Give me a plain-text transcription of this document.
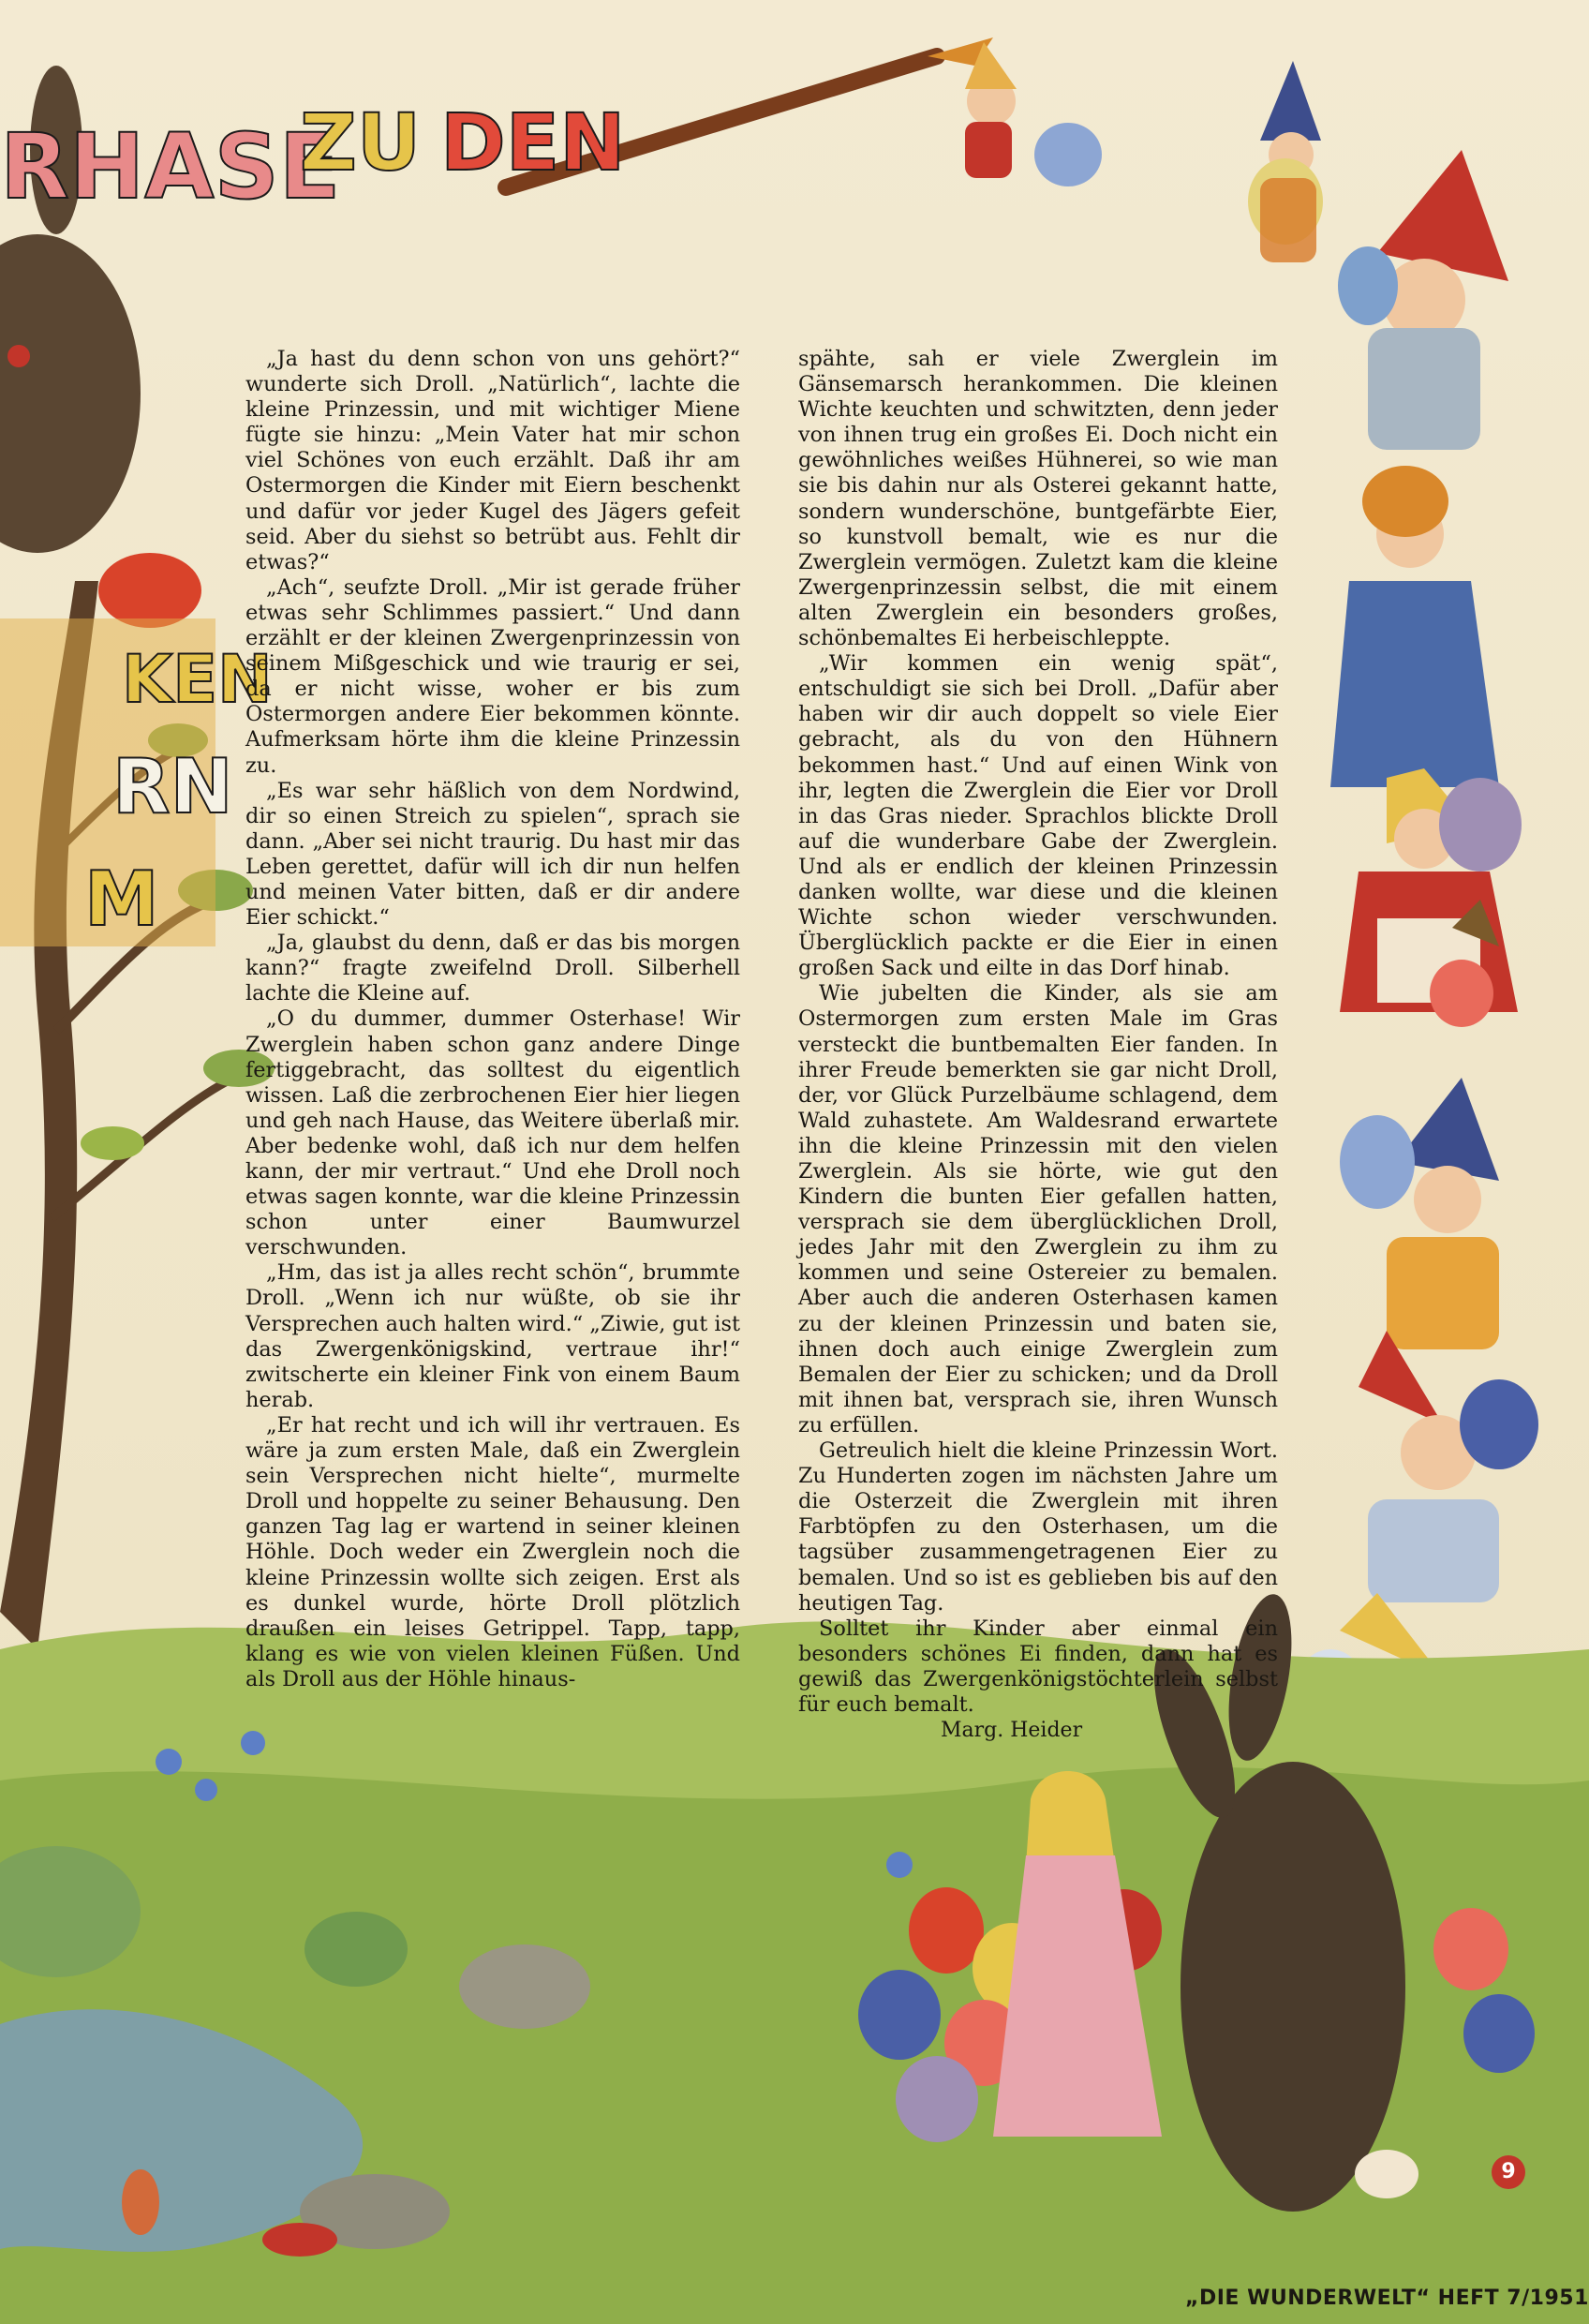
RHASE
ZU DEN
KEN
RN
M

„Ja hast du denn schon von uns gehört?“ wunderte sich Droll. „Natürlich“, lachte die kleine Prinzessin, und mit wichtiger Miene fügte sie hinzu: „Mein Vater hat mir schon viel Schönes von euch erzählt. Daß ihr am Ostermorgen die Kinder mit Eiern beschenkt und dafür vor jeder Kugel des Jägers gefeit seid. Aber du siehst so betrübt aus. Fehlt dir etwas?“

„Ach“, seufzte Droll. „Mir ist gerade früher etwas sehr Schlimmes passiert.“ Und dann erzählt er der kleinen Zwergenprinzessin von seinem Mißgeschick und wie traurig er sei, da er nicht wisse, woher er bis zum Ostermorgen andere Eier bekommen könnte. Aufmerksam hörte ihm die kleine Prinzessin zu.

„Es war sehr häßlich von dem Nordwind, dir so einen Streich zu spielen“, sprach sie dann. „Aber sei nicht traurig. Du hast mir das Leben gerettet, dafür will ich dir nun helfen und meinen Vater bitten, daß er dir andere Eier schickt.“

„Ja, glaubst du denn, daß er das bis morgen kann?“ fragte zweifelnd Droll. Silberhell lachte die Kleine auf.

„O du dummer, dummer Osterhase! Wir Zwerglein haben schon ganz andere Dinge fertiggebracht, das solltest du eigentlich wissen. Laß die zerbrochenen Eier hier liegen und geh nach Hause, das Weitere überlaß mir. Aber bedenke wohl, daß ich nur dem helfen kann, der mir vertraut.“ Und ehe Droll noch etwas sagen konnte, war die kleine Prinzessin schon unter einer Baumwurzel verschwunden.

„Hm, das ist ja alles recht schön“, brummte Droll. „Wenn ich nur wüßte, ob sie ihr Versprechen auch halten wird.“ „Ziwie, gut ist das Zwergenkönigskind, vertraue ihr!“ zwitscherte ein kleiner Fink von einem Baum herab.

„Er hat recht und ich will ihr vertrauen. Es wäre ja zum ersten Male, daß ein Zwerglein sein Versprechen nicht hielte“, murmelte Droll und hoppelte zu seiner Behausung. Den ganzen Tag lag er wartend in seiner kleinen Höhle. Doch weder ein Zwerglein noch die kleine Prinzessin wollte sich zeigen. Erst als es dunkel wurde, hörte Droll plötzlich draußen ein leises Getrippel. Tapp, tapp, klang es wie von vielen kleinen Füßen. Und als Droll aus der Höhle hinaus-

spähte, sah er viele Zwerglein im Gänsemarsch herankommen. Die kleinen Wichte keuchten und schwitzten, denn jeder von ihnen trug ein großes Ei. Doch nicht ein gewöhnliches weißes Hühnerei, so wie man sie bis dahin nur als Osterei gekannt hatte, sondern wunderschöne, buntgefärbte Eier, so kunstvoll bemalt, wie es nur die Zwerglein vermögen. Zuletzt kam die kleine Zwergenprinzessin selbst, die mit einem alten Zwerglein ein besonders großes, schönbemaltes Ei herbeischleppte.

„Wir kommen ein wenig spät“, entschuldigt sie sich bei Droll. „Dafür aber haben wir dir auch doppelt so viele Eier gebracht, als du von den Hühnern bekommen hast.“ Und auf einen Wink von ihr, legten die Zwerglein die Eier vor Droll in das Gras nieder. Sprachlos blickte Droll auf die wunderbare Gabe der Zwerglein. Und als er endlich der kleinen Prinzessin danken wollte, war diese und die kleinen Wichte schon wieder verschwunden. Überglücklich packte er die Eier in einen großen Sack und eilte in das Dorf hinab.

Wie jubelten die Kinder, als sie am Ostermorgen zum ersten Male im Gras versteckt die buntbemalten Eier fanden. In ihrer Freude bemerkten sie gar nicht Droll, der, vor Glück Purzelbäume schlagend, dem Wald zuhastete. Am Waldesrand erwartete ihn die kleine Prinzessin mit den vielen Zwerglein. Als sie hörte, wie gut den Kindern die bunten Eier gefallen hatten, versprach sie dem überglücklichen Droll, jedes Jahr mit den Zwerglein zu ihm zu kommen und seine Ostereier zu bemalen. Aber auch die anderen Osterhasen kamen zu der kleinen Prinzessin und baten sie, ihnen doch auch einige Zwerglein zum Bemalen der Eier zu schicken; und da Droll mit ihnen bat, versprach sie, ihren Wunsch zu erfüllen.

Getreulich hielt die kleine Prinzessin Wort. Zu Hunderten zogen im nächsten Jahre um die Osterzeit die Zwerglein mit ihren Farbtöpfen zu den Osterhasen, um die tagsüber zusammengetragenen Eier zu bemalen. Und so ist es geblieben bis auf den heutigen Tag.

Solltet ihr Kinder aber einmal ein besonders schönes Ei finden, dann hat es gewiß das Zwergenkönigstöchterlein selbst für euch bemalt.

Marg. Heider
9
„DIE WUNDERWELT“ HEFT 7/1951
